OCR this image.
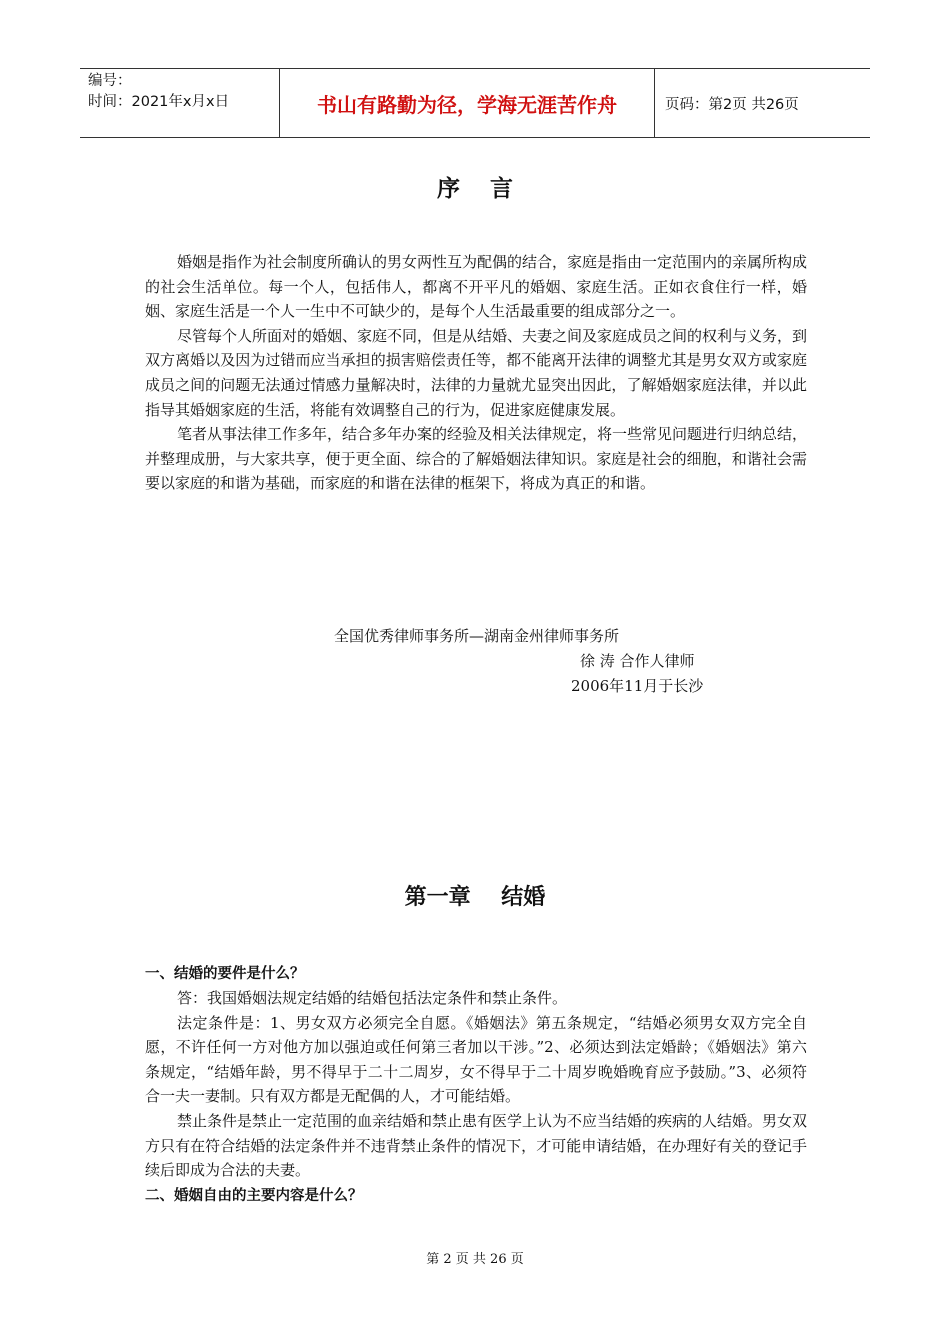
编号：
时间：2021年x月x日	书山有路勤为径，学海无涯苦作舟	页码：第2页 共26页
序言

婚姻是指作为社会制度所确认的男女两性互为配偶的结合，家庭是指由一定范围内的亲属所构成的社会生活单位。每一个人，包括伟人，都离不开平凡的婚姻、家庭生活。正如衣食住行一样，婚姻、家庭生活是一个人一生中不可缺少的，是每个人生活最重要的组成部分之一。

尽管每个人所面对的婚姻、家庭不同，但是从结婚、夫妻之间及家庭成员之间的权利与义务，到双方离婚以及因为过错而应当承担的损害赔偿责任等，都不能离开法律的调整尤其是男女双方或家庭成员之间的问题无法通过情感力量解决时，法律的力量就尤显突出因此，了解婚姻家庭法律，并以此指导其婚姻家庭的生活，将能有效调整自己的行为，促进家庭健康发展。

笔者从事法律工作多年，结合多年办案的经验及相关法律规定，将一些常见问题进行归纳总结，并整理成册，与大家共享，便于更全面、综合的了解婚姻法律知识。家庭是社会的细胞，和谐社会需要以家庭的和谐为基础，而家庭的和谐在法律的框架下，将成为真正的和谐。

全国优秀律师事务所—湖南金州律师事务所
徐 涛 合作人律师
2006年11月于长沙
第一章    结婚
一、结婚的要件是什么？

答：我国婚姻法规定结婚的结婚包括法定条件和禁止条件。

法定条件是：1、男女双方必须完全自愿。《婚姻法》第五条规定，“结婚必须男女双方完全自愿，不许任何一方对他方加以强迫或任何第三者加以干涉。”2、必须达到法定婚龄；《婚姻法》第六条规定，“结婚年龄，男不得早于二十二周岁，女不得早于二十周岁晚婚晚育应予鼓励。”3、必须符合一夫一妻制。只有双方都是无配偶的人，才可能结婚。

禁止条件是禁止一定范围的血亲结婚和禁止患有医学上认为不应当结婚的疾病的人结婚。男女双方只有在符合结婚的法定条件并不违背禁止条件的情况下，才可能申请结婚，在办理好有关的登记手续后即成为合法的夫妻。

二、婚姻自由的主要内容是什么？
第 2 页 共 26 页
